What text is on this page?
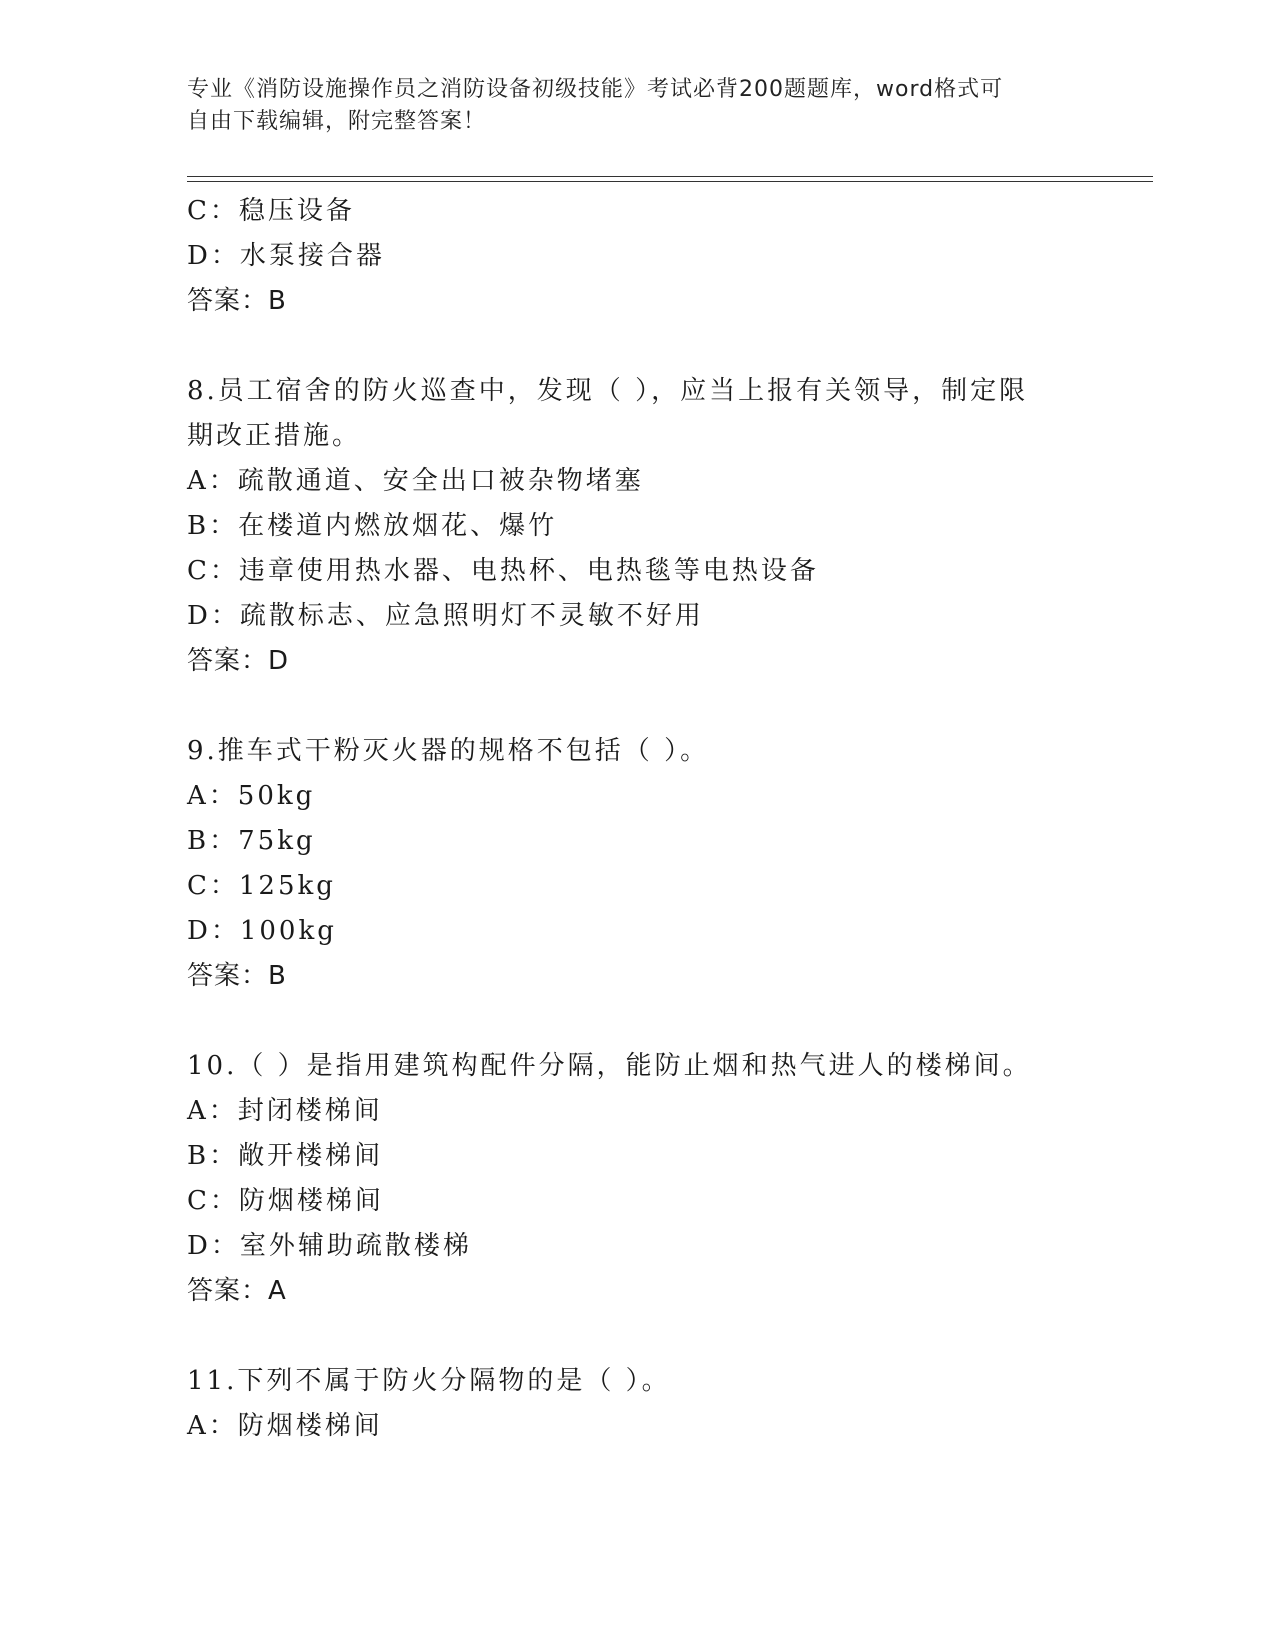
专业《消防设施操作员之消防设备初级技能》考试必背200题题库，word格式可
自由下载编辑，附完整答案！
C：稳压设备
D：水泵接合器
答案：B
8.员工宿舍的防火巡查中，发现（ ），应当上报有关领导，制定限
期改正措施。
A：疏散通道、安全出口被杂物堵塞
B：在楼道内燃放烟花、爆竹
C：违章使用热水器、电热杯、电热毯等电热设备
D：疏散标志、应急照明灯不灵敏不好用
答案：D
9.推车式干粉灭火器的规格不包括（ ）。
A：50kg
B：75kg
C：125kg
D：100kg
答案：B
10.（ ）是指用建筑构配件分隔，能防止烟和热气进人的楼梯间。
A：封闭楼梯间
B：敞开楼梯间
C：防烟楼梯间
D：室外辅助疏散楼梯
答案：A
11.下列不属于防火分隔物的是（ ）。
A：防烟楼梯间
